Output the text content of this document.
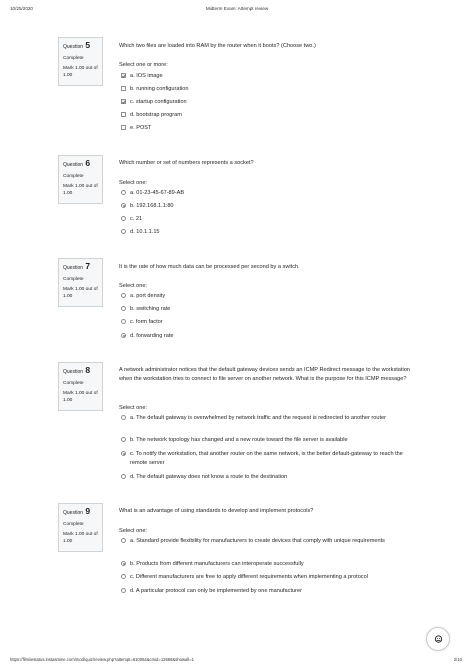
10/25/2020	Midterm Exam: Attempt review
Question 5
Complete
Mark 1.00 out of 1.00
Which two files are loaded into RAM by the router when it boots? (Choose two.)
Select one or more:
a. IOS image
b. running configuration
c. startup configuration
d. bootstrap program
e. POST
Question 6
Complete
Mark 1.00 out of 1.00
Which number or set of numbers represents a socket?
Select one:
a. 01-23-45-67-89-AB
b. 192.168.1.1:80
c. 21
d. 10.1.1.15
Question 7
Complete
Mark 1.00 out of 1.00
It is the rate of how much data can be processed per second by a switch.
Select one:
a. port density
b. switching rate
c. form factor
d. forwarding rate
Question 8
Complete
Mark 1.00 out of 1.00
A network administrator notices that the default gateway devices sends an ICMP Redirect message to the workstation when the workstation tries to connect to file server on another network. What is the purpose for this ICMP message?
Select one:
a. The default gateway is overwhelmed by network traffic and the request is redirected to another router
b. The network topology has changed and a new route toward the file server is available
c. To notify the workstation, that another router on the same network, is the better default-gateway to reach the remote server
d. The default gateway does not know a route to the destination
Question 9
Complete
Mark 1.00 out of 1.00
What is an advantage of using standards to develop and implement protocols?
Select one:
a. Standard provide flexibility for manufacturers to create devices that comply with unique requirements
b. Products from different manufacturers can interoperate successfully
c. Different manufacturers are free to apply different requirements when implementing a protocol
d. A particular protocol can only be implemented by one manufacturer
https://filmiiestatus.instasmine.com/mod/quiz/review.php?attempt=610064&cmid=12668&showall=1	2/10
